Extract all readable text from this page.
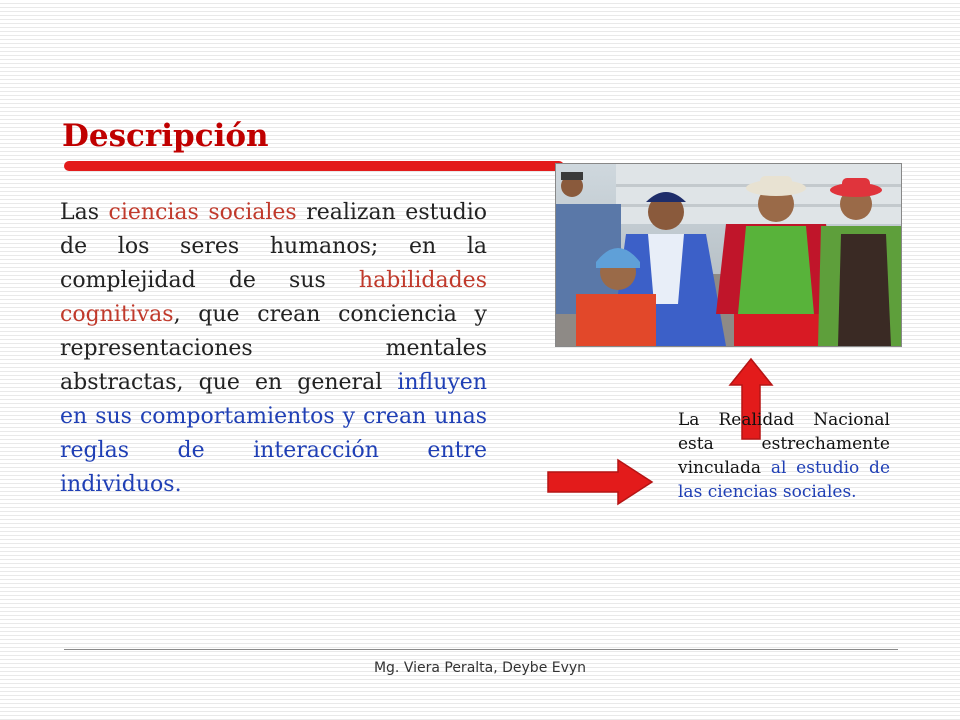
Descripción

Las ciencias sociales realizan estudio de los seres humanos; en la complejidad de sus habilidades cognitivas, que crean conciencia y representaciones mentales abstractas, que en general influyen en sus comportamientos y crean unas reglas de interacción entre individuos.

La Realidad Nacional esta estrechamente vinculada al estudio de las ciencias sociales.

Mg. Viera Peralta, Deybe Evyn
